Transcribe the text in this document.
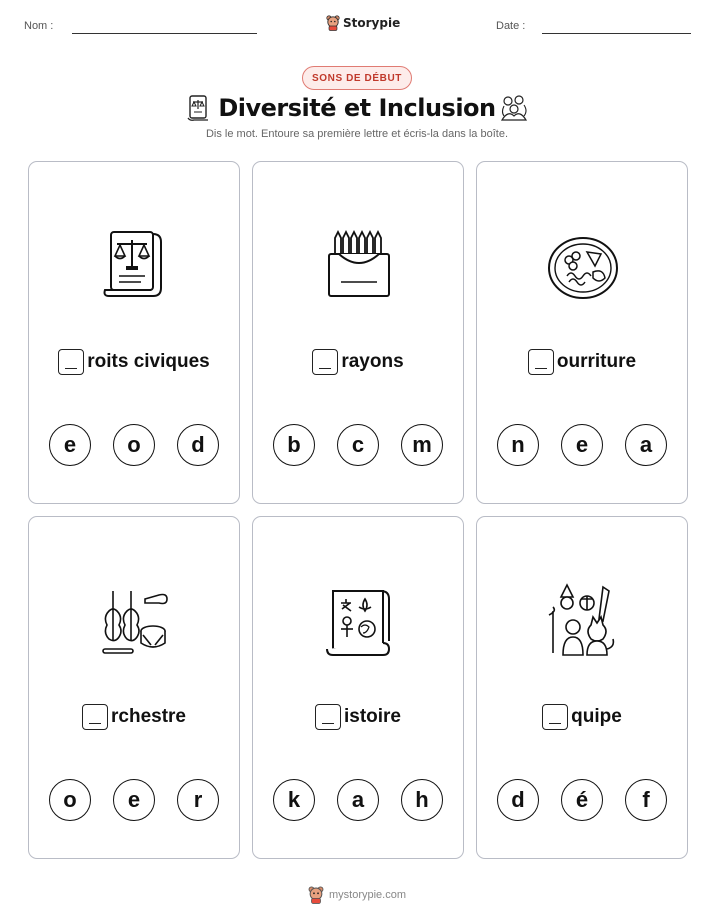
Nom :	Storypie	Date :
SONS DE DÉBUT
Diversité et Inclusion
Dis le mot. Entoure sa première lettre et écris-la dans la boîte.
roits civiques
e	o	d
rayons
b	c	m
ourriture
n	e	a
rchestre
o	e	r
istoire
k	a	h
quipe
d	é	f
mystorypie.com
